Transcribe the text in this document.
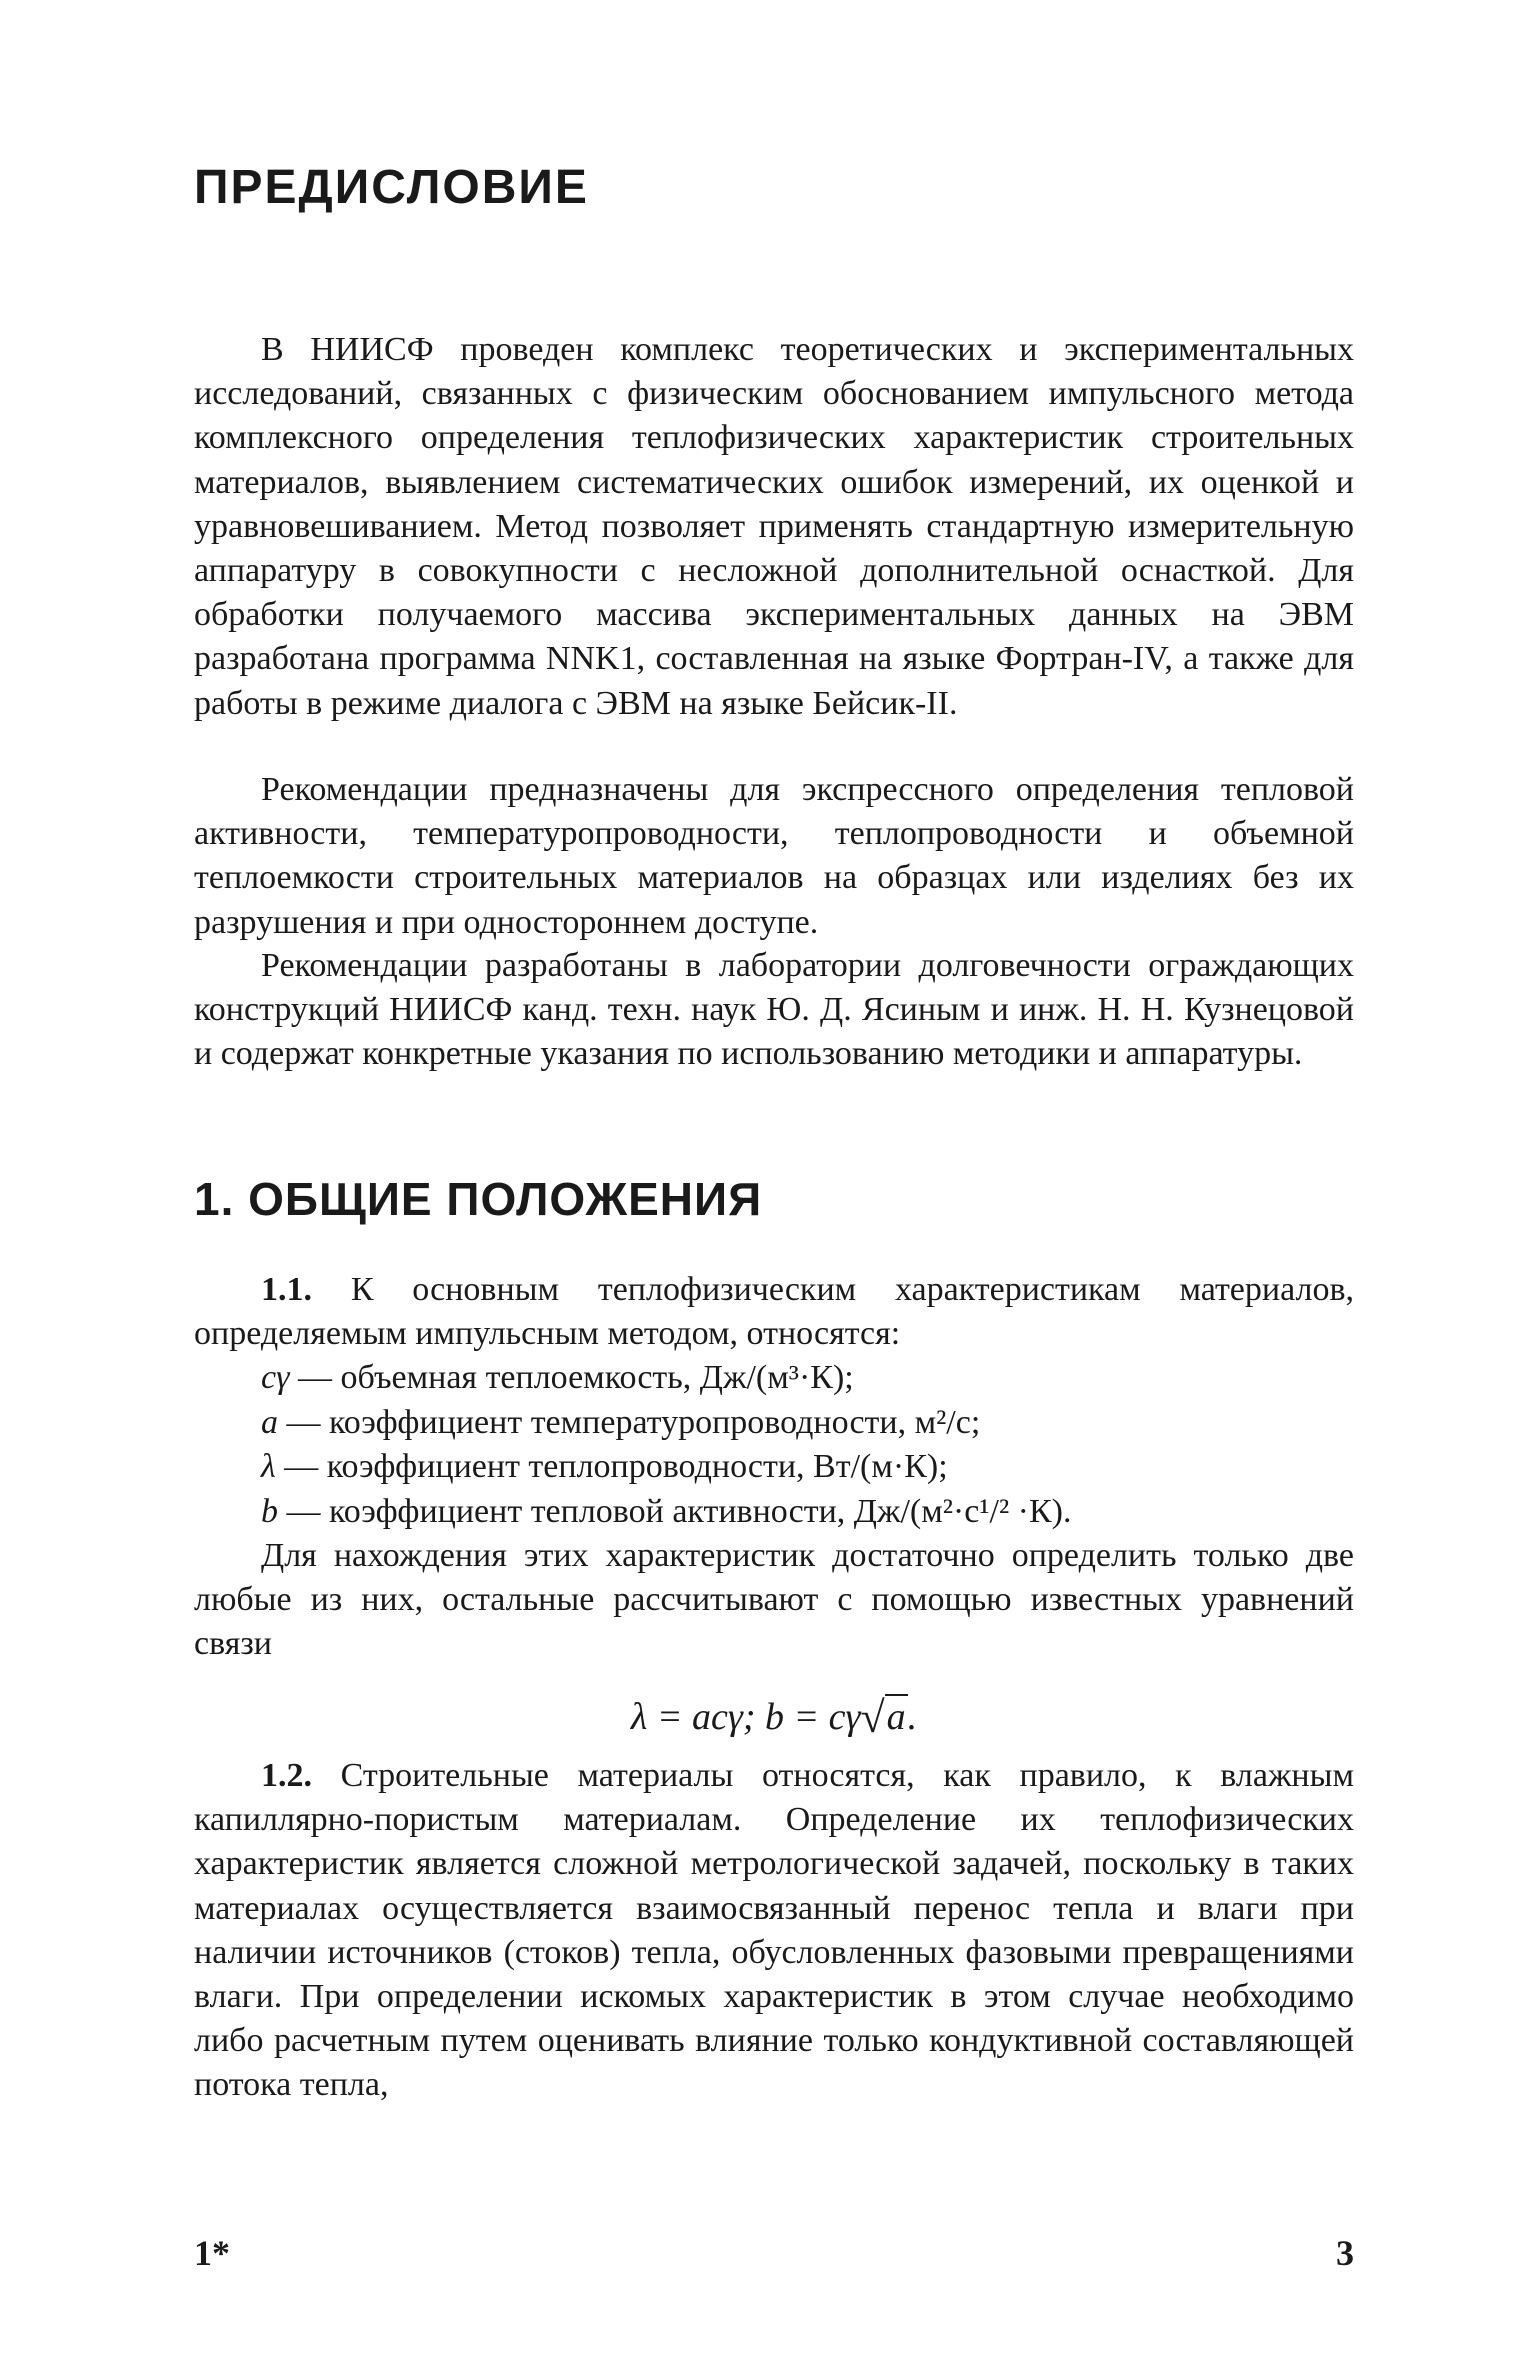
ПРЕДИСЛОВИЕ

В НИИСФ проведен комплекс теоретических и экспериментальных исследований, связанных с физическим обоснованием импульсного метода комплексного определения теплофизических характеристик строительных материалов, выявлением систематических ошибок измерений, их оценкой и уравновешиванием. Метод позволяет применять стандартную измерительную аппаратуру в совокупности с несложной дополнительной оснасткой. Для обработки получаемого массива экспериментальных данных на ЭВМ разработана программа NNK1, составленная на языке Фортран-IV, а также для работы в режиме диалога с ЭВМ на языке Бейсик-II.

Рекомендации предназначены для экспрессного определения тепловой активности, температуропроводности, теплопроводности и объемной теплоемкости строительных материалов на образцах или изделиях без их разрушения и при одностороннем доступе.

Рекомендации разработаны в лаборатории долговечности ограждающих конструкций НИИСФ канд. техн. наук Ю. Д. Ясиным и инж. Н. Н. Кузнецовой и содержат конкретные указания по использованию методики и аппаратуры.

1. ОБЩИЕ ПОЛОЖЕНИЯ

1.1. К основным теплофизическим характеристикам материалов, определяемым импульсным методом, относятся:

cγ — объемная теплоемкость, Дж/(м³·К);
a — коэффициент температуропроводности, м²/с;
λ — коэффициент теплопроводности, Вт/(м·К);
b — коэффициент тепловой активности, Дж/(м²·с¹/² ·К).

Для нахождения этих характеристик достаточно определить только две любые из них, остальные рассчитывают с помощью известных уравнений связи

λ = acγ; b = cγ√a.

1.2. Строительные материалы относятся, как правило, к влажным капиллярно-пористым материалам. Определение их теплофизических характеристик является сложной метрологической задачей, поскольку в таких материалах осуществляется взаимосвязанный перенос тепла и влаги при наличии источников (стоков) тепла, обусловленных фазовыми превращениями влаги. При определении искомых характеристик в этом случае необходимо либо расчетным путем оценивать влияние только кондуктивной составляющей потока тепла,

1*	3
